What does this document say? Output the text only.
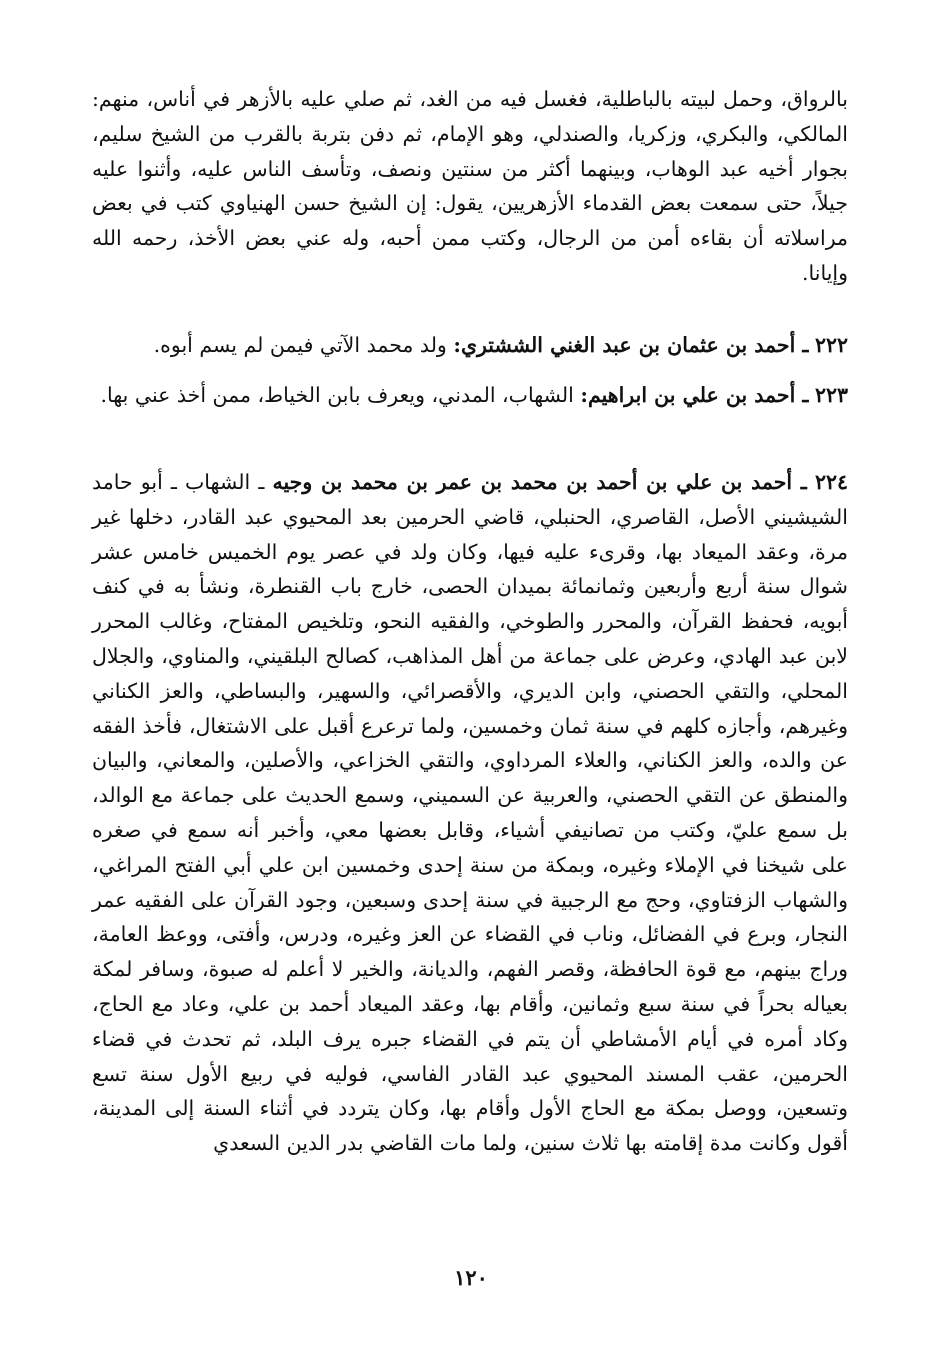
بالرواق، وحمل لبيته بالباطلية، فغسل فيه من الغد، ثم صلي عليه بالأزهر في أناس، منهم: المالكي، والبكري، وزكريا، والصندلي، وهو الإمام، ثم دفن بتربة بالقرب من الشيخ سليم، بجوار أخيه عبد الوهاب، وبينهما أكثر من سنتين ونصف، وتأسف الناس عليه، وأثنوا عليه جيلاً، حتى سمعت بعض القدماء الأزهريين، يقول: إن الشيخ حسن الهنياوي كتب في بعض مراسلاته أن بقاءه أمن من الرجال، وكتب ممن أحبه، وله عني بعض الأخذ، رحمه الله وإيانا.

٢٢٢ ـ أحمد بن عثمان بن عبد الغني الششتري: ولد محمد الآتي فيمن لم يسم أبوه.

٢٢٣ ـ أحمد بن علي بن ابراهيم: الشهاب، المدني، ويعرف بابن الخياط، ممن أخذ عني بها.

٢٢٤ ـ أحمد بن علي بن أحمد بن محمد بن عمر بن محمد بن وجيه ـ الشهاب ـ أبو حامد الشيشيني الأصل، القاصري، الحنبلي، قاضي الحرمين بعد المحيوي عبد القادر، دخلها غير مرة، وعقد الميعاد بها، وقرىء عليه فيها، وكان ولد في عصر يوم الخميس خامس عشر شوال سنة أربع وأربعين وثمانمائة بميدان الحصى، خارج باب القنطرة، ونشأ به في كنف أبويه، فحفظ القرآن، والمحرر والطوخي، والفقيه النحو، وتلخيص المفتاح، وغالب المحرر لابن عبد الهادي، وعرض على جماعة من أهل المذاهب، كصالح البلقيني، والمناوي، والجلال المحلي، والتقي الحصني، وابن الديري، والأقصرائي، والسهير، والبساطي، والعز الكناني وغيرهم، وأجازه كلهم في سنة ثمان وخمسين، ولما ترعرع أقبل على الاشتغال، فأخذ الفقه عن والده، والعز الكناني، والعلاء المرداوي، والتقي الخزاعي، والأصلين، والمعاني، والبيان والمنطق عن التقي الحصني، والعربية عن السميني، وسمع الحديث على جماعة مع الوالد، بل سمع عليّ، وكتب من تصانيفي أشياء، وقابل بعضها معي، وأخبر أنه سمع في صغره على شيخنا في الإملاء وغيره، وبمكة من سنة إحدى وخمسين ابن علي أبي الفتح المراغي، والشهاب الزفتاوي، وحج مع الرجبية في سنة إحدى وسبعين، وجود القرآن على الفقيه عمر النجار، وبرع في الفضائل، وناب في القضاء عن العز وغيره، ودرس، وأفتى، ووعظ العامة، وراج بينهم، مع قوة الحافظة، وقصر الفهم، والديانة، والخير لا أعلم له صبوة، وسافر لمكة بعياله بحراً في سنة سبع وثمانين، وأقام بها، وعقد الميعاد أحمد بن علي، وعاد مع الحاج، وكاد أمره في أيام الأمشاطي أن يتم في القضاء جبره يرف البلد، ثم تحدث في قضاء الحرمين، عقب المسند المحيوي عبد القادر الفاسي، فوليه في ربيع الأول سنة تسع وتسعين، ووصل بمكة مع الحاج الأول وأقام بها، وكان يتردد في أثناء السنة إلى المدينة، أقول وكانت مدة إقامته بها ثلاث سنين، ولما مات القاضي بدر الدين السعدي

١٢٠
